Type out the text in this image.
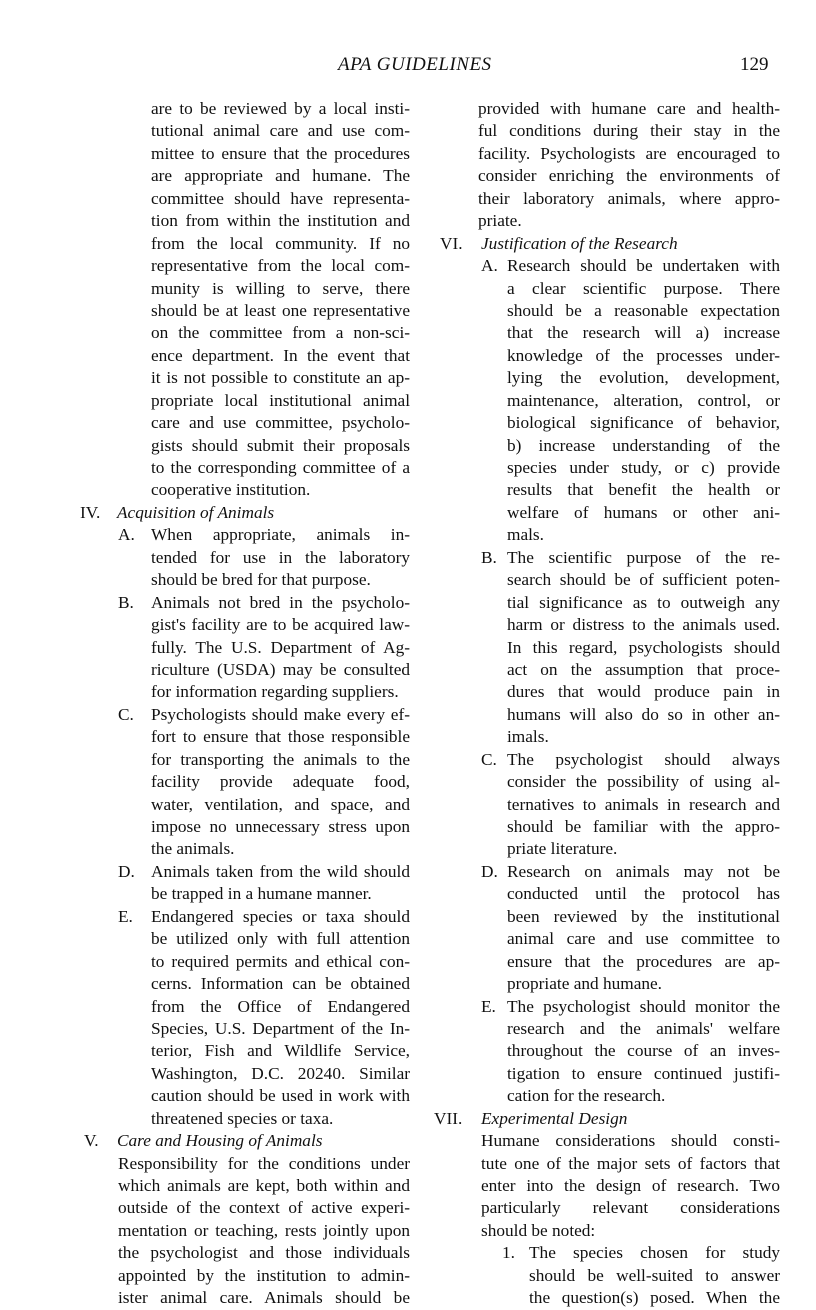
APA GUIDELINES	129
are to be reviewed by a local insti-
tutional animal care and use com-
mittee to ensure that the procedures
are appropriate and humane. The
committee should have representa-
tion from within the institution and
from the local community. If no
representative from the local com-
munity is willing to serve, there
should be at least one representative
on the committee from a non-sci-
ence department. In the event that
it is not possible to constitute an ap-
propriate local institutional animal
care and use committee, psycholo-
gists should submit their proposals
to the corresponding committee of a
cooperative institution.
IV. Acquisition of Animals
A. When appropriate, animals in-
tended for use in the laboratory
should be bred for that purpose.
B. Animals not bred in the psycholo-
gist's facility are to be acquired law-
fully. The U.S. Department of Ag-
riculture (USDA) may be consulted
for information regarding suppliers.
C. Psychologists should make every ef-
fort to ensure that those responsible
for transporting the animals to the
facility provide adequate food,
water, ventilation, and space, and
impose no unnecessary stress upon
the animals.
D. Animals taken from the wild should
be trapped in a humane manner.
E.	Endangered species or taxa should
be utilized only with full attention
to required permits and ethical con-
cerns. Information can be obtained
from the Office of Endangered
Species, U.S. Department of the In-
terior, Fish and Wildlife Service,
Washington, D.C. 20240. Similar
caution should be used in work with
threatened species or taxa.
V. Care and Housing of Animals
Responsibility for the conditions under
which animals are kept, both within and
outside of the context of active experi-
mentation or teaching, rests jointly upon
the psychologist and those individuals
appointed by the institution to admin-
ister animal care. Animals should be
provided with humane care and health-
ful conditions during their stay in the
facility. Psychologists are encouraged to
consider enriching the environments of
their laboratory animals, where appro-
priate.
VI. Justification of the Research
A. Research should be undertaken with
a clear scientific purpose. There
should be a reasonable expectation
that the research will a) increase
knowledge of the processes under-
lying the evolution, development,
maintenance, alteration, control, or
biological significance of behavior,
b) increase understanding of the
species under study, or c) provide
results that benefit the health or
welfare of humans or other ani-
mals.
B. The scientific purpose of the re-
search should be of sufficient poten-
tial significance as to outweigh any
harm or distress to the animals used.
In this regard, psychologists should
act on the assumption that proce-
dures that would produce pain in
humans will also do so in other an-
imals.
C. The psychologist should always
consider the possibility of using al-
ternatives to animals in research and
should be familiar with the appro-
priate literature.
D. Research on animals may not be
conducted until the protocol has
been reviewed by the institutional
animal care and use committee to
ensure that the procedures are ap-
propriate and humane.
E. The psychologist should monitor the
research and the animals' welfare
throughout the course of an inves-
tigation to ensure continued justifi-
cation for the research.
VII. Experimental Design
Humane considerations should consti-
tute one of the major sets of factors that
enter into the design of research. Two
particularly relevant considerations
should be noted:
1. The species chosen for study
should be well-suited to answer
the question(s) posed. When the
